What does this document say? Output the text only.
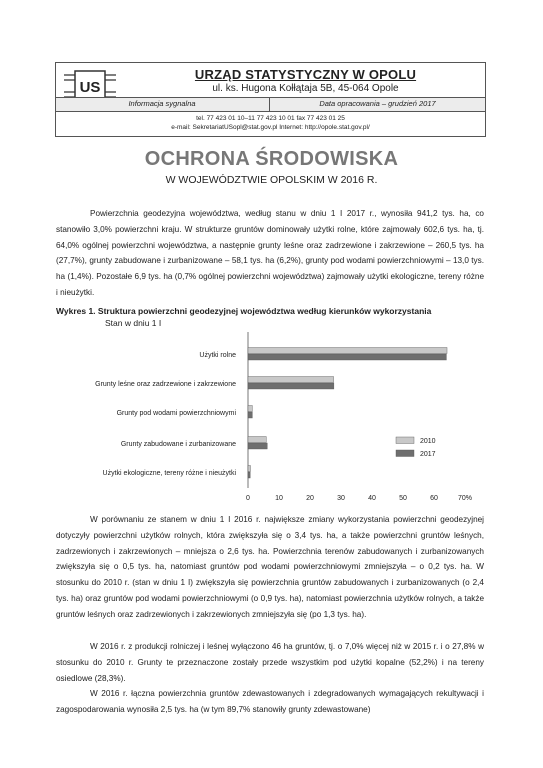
US
URZĄD STATYSTYCZNY W OPOLU
ul. ks. Hugona Kołłątaja 5B, 45-064 Opole
Informacja sygnalna	Data opracowania – grudzień 2017
tel. 77 423 01 10–11 77 423 10 01 fax 77 423 01 25
e-mail: SekretariatUSopl@stat.gov.pl Internet: http://opole.stat.gov.pl/
OCHRONA ŚRODOWISKA
W WOJEWÓDZTWIE OPOLSKIM W 2016 R.

Powierzchnia geodezyjna województwa, według stanu w dniu 1 I 2017 r., wynosiła 941,2 tys. ha, co stanowiło 3,0% powierzchni kraju. W strukturze gruntów dominowały użytki rolne, które zajmowały 602,6 tys. ha, tj. 64,0% ogólnej powierzchni województwa, a następnie grunty leśne oraz zadrzewione i zakrzewione – 260,5 tys. ha (27,7%), grunty zabudowane i zurbanizowane – 58,1 tys. ha (6,2%), grunty pod wodami powierzchniowymi – 13,0 tys. ha (1,4%). Pozostałe 6,9 tys. ha (0,7% ogólnej powierzchni województwa) zajmowały użytki ekologiczne, tereny różne i nieużytki.

Wykres 1. Struktura powierzchni geodezyjnej województwa według kierunków wykorzystania
Stan w dniu 1 I
Użytki rolne
Grunty leśne oraz zadrzewione i zakrzewione
Grunty pod wodami powierzchniowymi
Grunty zabudowane i zurbanizowane
Użytki ekologiczne, tereny różne i nieużytki
0	10	20	30	40	50	60	70%
2010
2017

W porównaniu ze stanem w dniu 1 I 2016 r. największe zmiany wykorzystania powierzchni geodezyjnej dotyczyły powierzchni użytków rolnych, która zwiększyła się o 3,4 tys. ha, a także powierzchni gruntów leśnych, zadrzewionych i zakrzewionych – mniejsza o 2,6 tys. ha. Powierzchnia terenów zabudowanych i zurbanizowanych zwiększyła się o 0,5 tys. ha, natomiast gruntów pod wodami powierzchniowymi zmniejszyła – o 0,2 tys. ha. W stosunku do 2010 r. (stan w dniu 1 I) zwiększyła się powierzchnia gruntów zabudowanych i zurbanizowanych (o 2,4 tys. ha) oraz gruntów pod wodami powierzchniowymi (o 0,9 tys. ha), natomiast powierzchnia użytków rolnych, a także gruntów leśnych oraz zadrzewionych i zakrzewionych zmniejszyła się (po 1,3 tys. ha).

W 2016 r. z produkcji rolniczej i leśnej wyłączono 46 ha gruntów, tj. o 7,0% więcej niż w 2015 r. i o 27,8% w stosunku do 2010 r. Grunty te przeznaczone zostały przede wszystkim pod użytki kopalne (52,2%) i na tereny osiedlowe (28,3%).

W 2016 r. łączna powierzchnia gruntów zdewastowanych i zdegradowanych wymagających rekultywacji i zagospodarowania wynosiła 2,5 tys. ha (w tym 89,7% stanowiły grunty zdewastowane)
